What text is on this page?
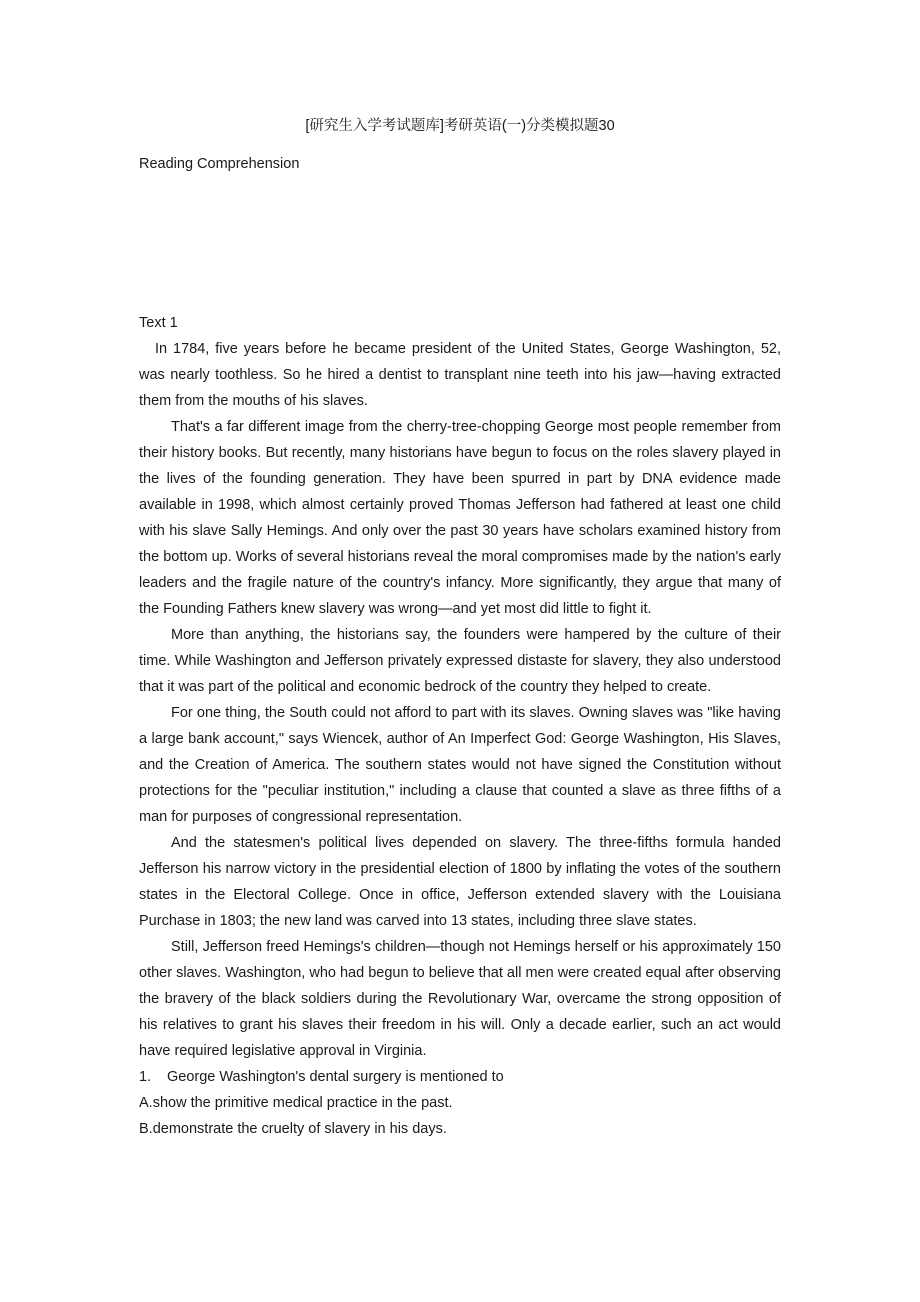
[研究生入学考试题库]考研英语(一)分类模拟题30
Reading Comprehension

Text 1

In 1784, five years before he became president of the United States, George Washington, 52, was nearly toothless. So he hired a dentist to transplant nine teeth into his jaw—having extracted them from the mouths of his slaves.

That's a far different image from the cherry-tree-chopping George most people remember from their history books. But recently, many historians have begun to focus on the roles slavery played in the lives of the founding generation. They have been spurred in part by DNA evidence made available in 1998, which almost certainly proved Thomas Jefferson had fathered at least one child with his slave Sally Hemings. And only over the past 30 years have scholars examined history from the bottom up. Works of several historians reveal the moral compromises made by the nation's early leaders and the fragile nature of the country's infancy. More significantly, they argue that many of the Founding Fathers knew slavery was wrong—and yet most did little to fight it.

More than anything, the historians say, the founders were hampered by the culture of their time. While Washington and Jefferson privately expressed distaste for slavery, they also understood that it was part of the political and economic bedrock of the country they helped to create.

For one thing, the South could not afford to part with its slaves. Owning slaves was "like having a large bank account," says Wiencek, author of An Imperfect God: George Washington, His Slaves, and the Creation of America. The southern states would not have signed the Constitution without protections for the "peculiar institution," including a clause that counted a slave as three fifths of a man for purposes of congressional representation.

And the statesmen's political lives depended on slavery. The three-fifths formula handed Jefferson his narrow victory in the presidential election of 1800 by inflating the votes of the southern states in the Electoral College. Once in office, Jefferson extended slavery with the Louisiana Purchase in 1803; the new land was carved into 13 states, including three slave states.

Still, Jefferson freed Hemings's children—though not Hemings herself or his approximately 150 other slaves. Washington, who had begun to believe that all men were created equal after observing the bravery of the black soldiers during the Revolutionary War, overcame the strong opposition of his relatives to grant his slaves their freedom in his will. Only a decade earlier, such an act would have required legislative approval in Virginia.

1. George Washington's dental surgery is mentioned to

A.show the primitive medical practice in the past.

B.demonstrate the cruelty of slavery in his days.
